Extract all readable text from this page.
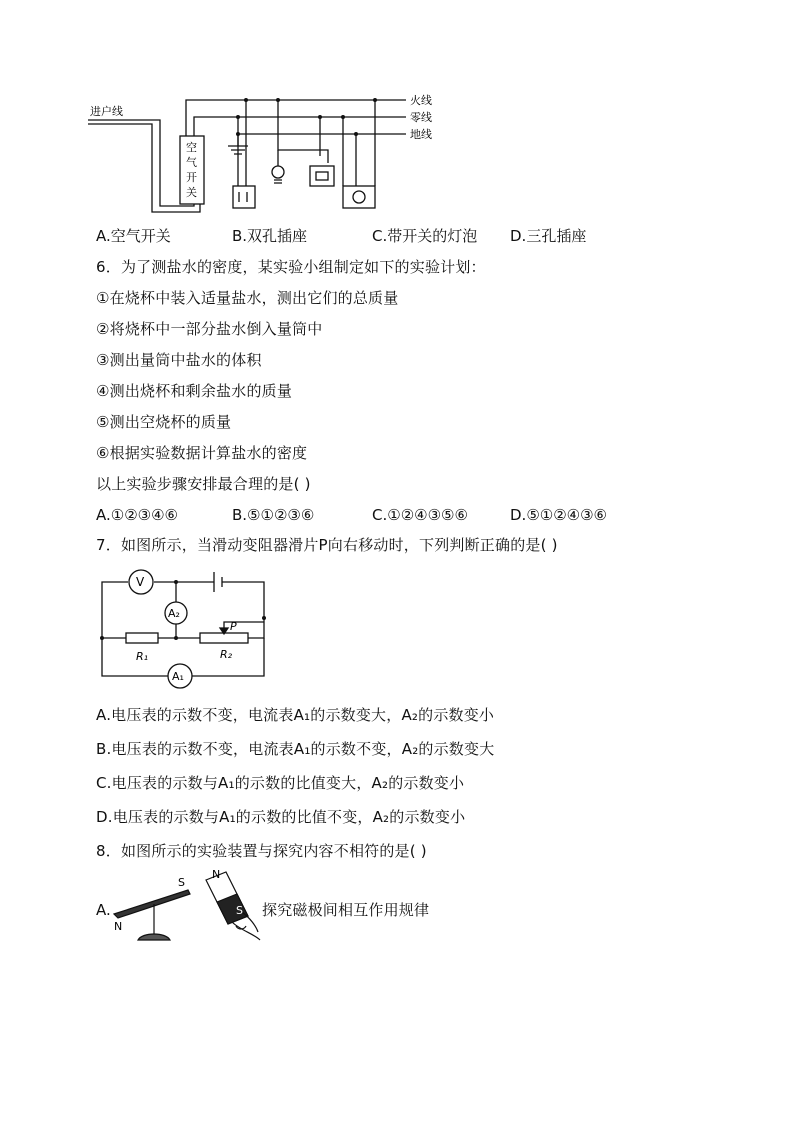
进户线
火线
零线
地线
空
气
开
关
A.空气开关	B.双孔插座	C.带开关的灯泡 D.三孔插座
6．为了测盐水的密度，某实验小组制定如下的实验计划：
①在烧杯中装入适量盐水，测出它们的总质量
②将烧杯中一部分盐水倒入量筒中
③测出量筒中盐水的体积
④测出烧杯和剩余盐水的质量
⑤测出空烧杯的质量
⑥根据实验数据计算盐水的密度
以上实验步骤安排最合理的是( )
A.①②③④⑥	B.⑤①②③⑥	C.①②④③⑤⑥	D.⑤①②④③⑥
7．如图所示，当滑动变阻器滑片P向右移动时，下列判断正确的是( )
V
A₂
A₁
P
R₁	R₂
A.电压表的示数不变，电流表A₁的示数变大，A₂的示数变小
B.电压表的示数不变，电流表A₁的示数不变，A₂的示数变大
C.电压表的示数与A₁的示数的比值变大，A₂的示数变小
D.电压表的示数与A₁的示数的比值不变，A₂的示数变小
8．如图所示的实验装置与探究内容不相符的是( )
A.
S
N
N
S 探究磁极间相互作用规律
